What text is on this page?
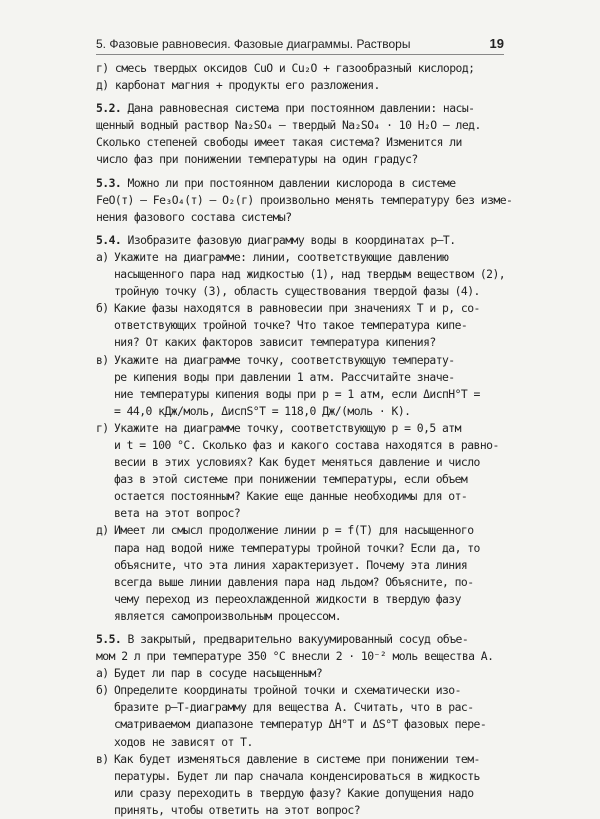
5. Фазовые равновесия. Фазовые диаграммы. Растворы	19
г) смесь твердых оксидов CuO и Cu₂O + газообразный кислород;
д) карбонат магния + продукты его разложения.
5.2. Дана равновесная система при постоянном давлении: насы-
щенный водный раствор Na₂SO₄ — твердый Na₂SO₄ · 10 H₂O — лед.
Сколько степеней свободы имеет такая система? Изменится ли
число фаз при понижении температуры на один градус?
5.3. Можно ли при постоянном давлении кислорода в системе
FeO(т) — Fe₃O₄(т) — O₂(г) произвольно менять температуру без изме-
нения фазового состава системы?
5.4. Изобразите фазовую диаграмму воды в координатах p–T.
а) Укажите на диаграмме: линии, соответствующие давлению
насыщенного пара над жидкостью (1), над твердым веществом (2),
тройную точку (3), область существования твердой фазы (4).
б) Какие фазы находятся в равновесии при значениях T и p, со-
ответствующих тройной точке? Что такое температура кипе-
ния? От каких факторов зависит температура кипения?
в) Укажите на диаграмме точку, соответствующую температу-
ре кипения воды при давлении 1 атм. Рассчитайте значе-
ние температуры кипения воды при p = 1 атм, если ΔиспH°T =
= 44,0 кДж/моль, ΔиспS°T = 118,0 Дж/(моль · К).
г) Укажите на диаграмме точку, соответствующую p = 0,5 атм
и t = 100 °С. Сколько фаз и какого состава находятся в равно-
весии в этих условиях? Как будет меняться давление и число
фаз в этой системе при понижении температуры, если объем
остается постоянным? Какие еще данные необходимы для от-
вета на этот вопрос?
д) Имеет ли смысл продолжение линии p = f(T) для насыщенного
пара над водой ниже температуры тройной точки? Если да, то
объясните, что эта линия характеризует. Почему эта линия
всегда выше линии давления пара над льдом? Объясните, по-
чему переход из переохлажденной жидкости в твердую фазу
является самопроизвольным процессом.
5.5. В закрытый, предварительно вакуумированный сосуд объе-
мом 2 л при температуре 350 °С внесли 2 · 10⁻² моль вещества А.
а) Будет ли пар в сосуде насыщенным?
б) Определите координаты тройной точки и схематически изо-
бразите p–T-диаграмму для вещества А. Считать, что в рас-
сматриваемом диапазоне температур ΔH°T и ΔS°T фазовых пере-
ходов не зависят от T.
в) Как будет изменяться давление в системе при понижении тем-
пературы. Будет ли пар сначала конденсироваться в жидкость
или сразу переходить в твердую фазу? Какие допущения надо
принять, чтобы ответить на этот вопрос?
